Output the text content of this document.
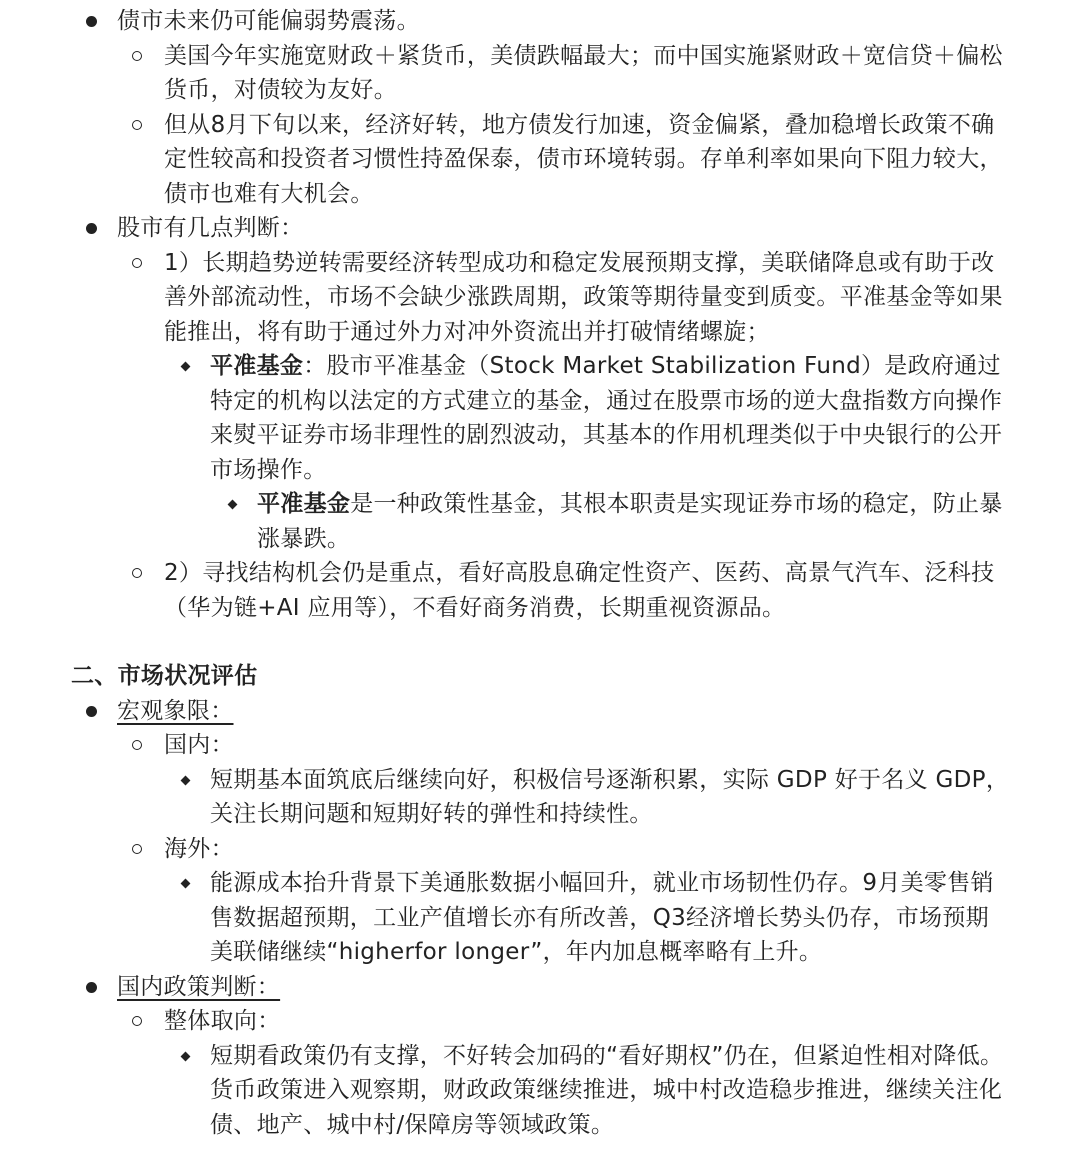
债市未来仍可能偏弱势震荡。
美国今年实施宽财政＋紧货币，美债跌幅最大；而中国实施紧财政＋宽信贷＋偏松货币，对债较为友好。
但从8月下旬以来，经济好转，地方债发行加速，资金偏紧，叠加稳增长政策不确定性较高和投资者习惯性持盈保泰，债市环境转弱。存单利率如果向下阻力较大，债市也难有大机会。
股市有几点判断：
1）长期趋势逆转需要经济转型成功和稳定发展预期支撑，美联储降息或有助于改善外部流动性，市场不会缺少涨跌周期，政策等期待量变到质变。平准基金等如果能推出，将有助于通过外力对冲外资流出并打破情绪螺旋；
平准基金：股市平准基金（Stock Market Stabilization Fund）是政府通过特定的机构以法定的方式建立的基金，通过在股票市场的逆大盘指数方向操作来熨平证券市场非理性的剧烈波动，其基本的作用机理类似于中央银行的公开市场操作。
平准基金是一种政策性基金，其根本职责是实现证券市场的稳定，防止暴涨暴跌。
2）寻找结构机会仍是重点，看好高股息确定性资产、医药、高景气汽车、泛科技（华为链+AI 应用等），不看好商务消费，长期重视资源品。
二、市场状况评估
宏观象限：
国内：
短期基本面筑底后继续向好，积极信号逐渐积累，实际 GDP 好于名义 GDP，关注长期问题和短期好转的弹性和持续性。
海外：
能源成本抬升背景下美通胀数据小幅回升，就业市场韧性仍存。9月美零售销售数据超预期，工业产值增长亦有所改善，Q3经济增长势头仍存，市场预期美联储继续“higherfor longer”，年内加息概率略有上升。
国内政策判断：
整体取向：
短期看政策仍有支撑，不好转会加码的“看好期权”仍在，但紧迫性相对降低。货币政策进入观察期，财政政策继续推进，城中村改造稳步推进，继续关注化债、地产、城中村/保障房等领域政策。
